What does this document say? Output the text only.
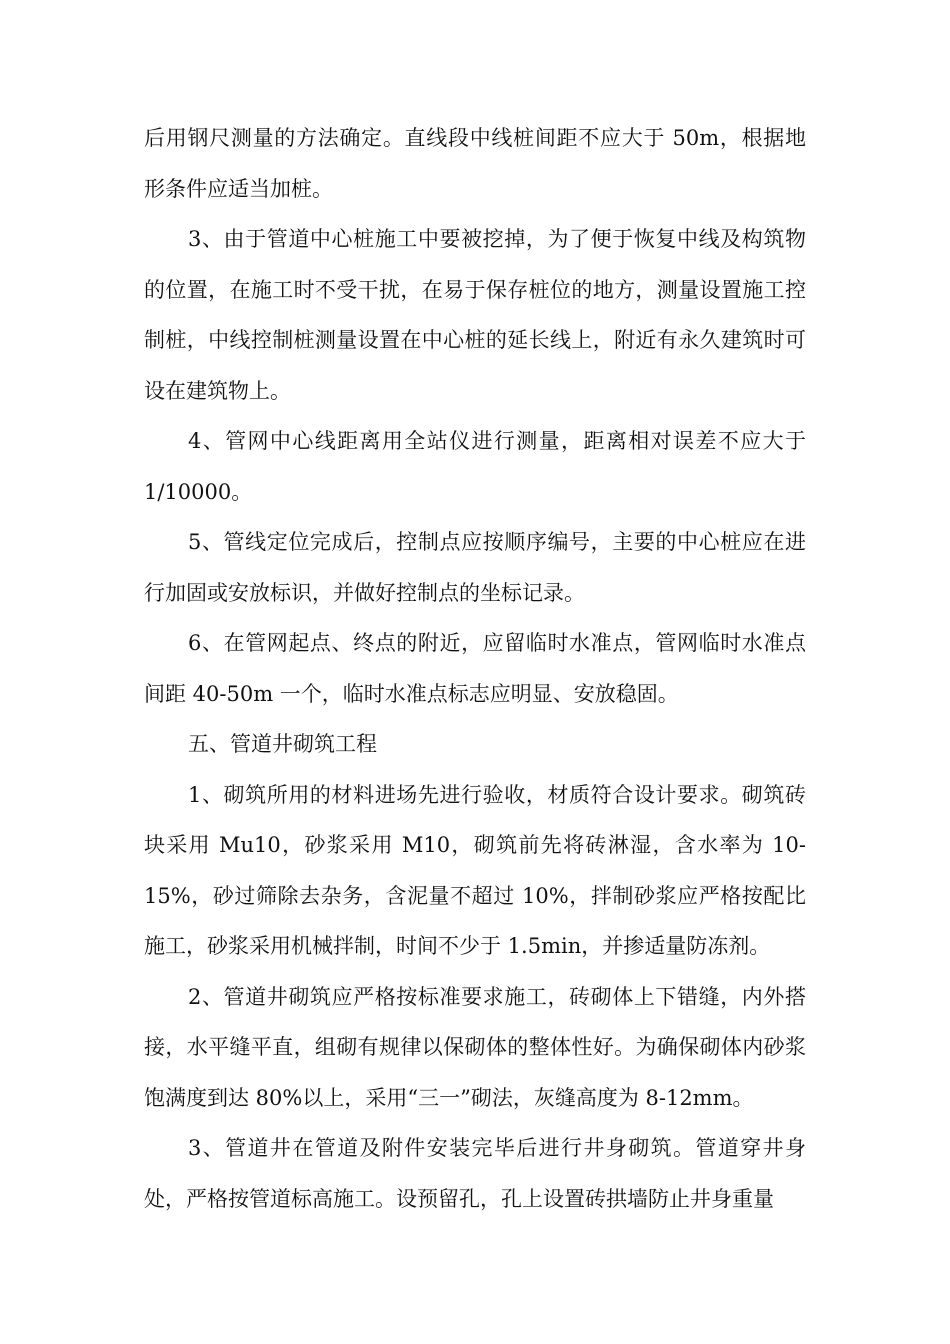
后用钢尺测量的方法确定。直线段中线桩间距不应大于 50m，根据地形条件应适当加桩。

3、由于管道中心桩施工中要被挖掉，为了便于恢复中线及构筑物的位置，在施工时不受干扰，在易于保存桩位的地方，测量设置施工控制桩，中线控制桩测量设置在中心桩的延长线上，附近有永久建筑时可设在建筑物上。

4、管网中心线距离用全站仪进行测量，距离相对误差不应大于 1/10000。

5、管线定位完成后，控制点应按顺序编号，主要的中心桩应在进行加固或安放标识，并做好控制点的坐标记录。

6、在管网起点、终点的附近，应留临时水准点，管网临时水准点间距 40-50m 一个，临时水准点标志应明显、安放稳固。

五、管道井砌筑工程

1、砌筑所用的材料进场先进行验收，材质符合设计要求。砌筑砖块采用 Mu10，砂浆采用 M10，砌筑前先将砖淋湿，含水率为 10-15%，砂过筛除去杂务，含泥量不超过 10%，拌制砂浆应严格按配比施工，砂浆采用机械拌制，时间不少于 1.5min，并掺适量防冻剂。

2、管道井砌筑应严格按标准要求施工，砖砌体上下错缝，内外搭接，水平缝平直，组砌有规律以保砌体的整体性好。为确保砌体内砂浆饱满度到达 80%以上，采用“三一”砌法，灰缝高度为 8-12mm。

3、管道井在管道及附件安装完毕后进行井身砌筑。管道穿井身处，严格按管道标高施工。设预留孔，孔上设置砖拱墙防止井身重量
